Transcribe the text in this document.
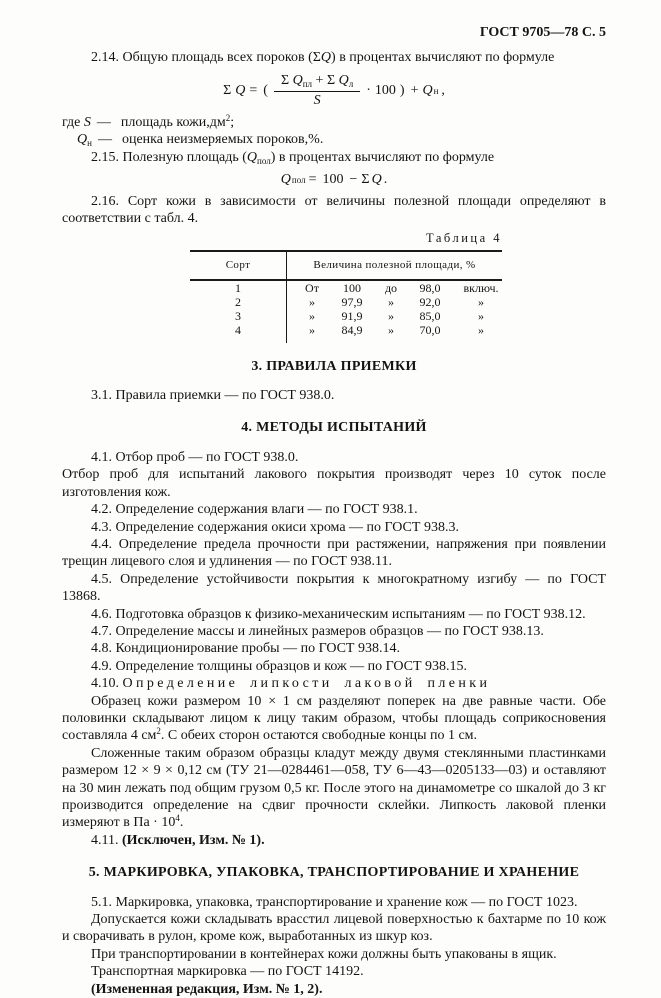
ГОСТ 9705—78 С. 5

2.14. Общую площадь всех пороков (ΣQ) в процентах вычисляют по формуле

Σ Q = ( $\frac{\Sigma Q_{пл} + \Sigma Q_л}{S} \cdot 100$ ) + Q н ,

где S — площадь $кожи,дм^2$;

$Q_н$ — оценка неизмеряемых пороков,%.

2.15. Полезную площадь $(Q_{пол})$ в процентах вычисляют по формуле

Q пол = 100 − Σ Q .

2.16. Сорт кожи в зависимости от величины полезной площади определяют в соответствии с табл. 4.

Таблица 4
Сорт	Величина полезной площади, %
1	От	100	до	98,0	включ.
2	»	97,9	»	92,0	»
3	»	91,9	»	85,0	»
4	»	84,9	»	70,0	»
3. ПРАВИЛА ПРИЕМКИ

3.1. Правила приемки — по ГОСТ 938.0.

4. МЕТОДЫ ИСПЫТАНИЙ

4.1. Отбор проб — по ГОСТ 938.0.

Отбор проб для испытаний лакового покрытия производят через 10 суток после изготовления кож.

4.2. Определение содержания влаги — по ГОСТ 938.1.

4.3. Определение содержания окиси хрома — по ГОСТ 938.3.

4.4. Определение предела прочности при растяжении, напряжения при появлении трещин лицевого слоя и удлинения — по ГОСТ 938.11.

4.5. Определение устойчивости покрытия к многократному изгибу — по ГОСТ 13868.

4.6. Подготовка образцов к физико-механическим испытаниям — по ГОСТ 938.12.

4.7. Определение массы и линейных размеров образцов — по ГОСТ 938.13.

4.8. Кондиционирование пробы — по ГОСТ 938.14.

4.9. Определение толщины образцов и кож — по ГОСТ 938.15.

4.10. Определение липкости лаковой пленки

Образец кожи размером 10 × 1 см разделяют поперек на две равные части. Обе половинки складывают лицом к лицу таким образом, чтобы площадь соприкосновения составляла 4 $см^2$. С обеих сторон остаются свободные концы по 1 см.

Сложенные таким образом образцы кладут между двумя стеклянными пластинками размером 12 × 9 × 0,12 см (ТУ 21—0284461—058, ТУ 6—43—0205133—03) и оставляют на 30 мин лежать под общим грузом 0,5 кг. После этого на динамометре со шкалой до 3 кг производится определение на сдвиг прочности склейки. Липкость лаковой пленки измеряют в Па · $10^4$.

4.11. (Исключен, Изм. № 1).

5. МАРКИРОВКА, УПАКОВКА, ТРАНСПОРТИРОВАНИЕ И ХРАНЕНИЕ

5.1. Маркировка, упаковка, транспортирование и хранение кож — по ГОСТ 1023.

Допускается кожи складывать врасстил лицевой поверхностью к бахтарме по 10 кож и сворачивать в рулон, кроме кож, выработанных из шкур коз.

При транспортировании в контейнерах кожи должны быть упакованы в ящик.

Транспортная маркировка — по ГОСТ 14192.

(Измененная редакция, Изм. № 1, 2).
